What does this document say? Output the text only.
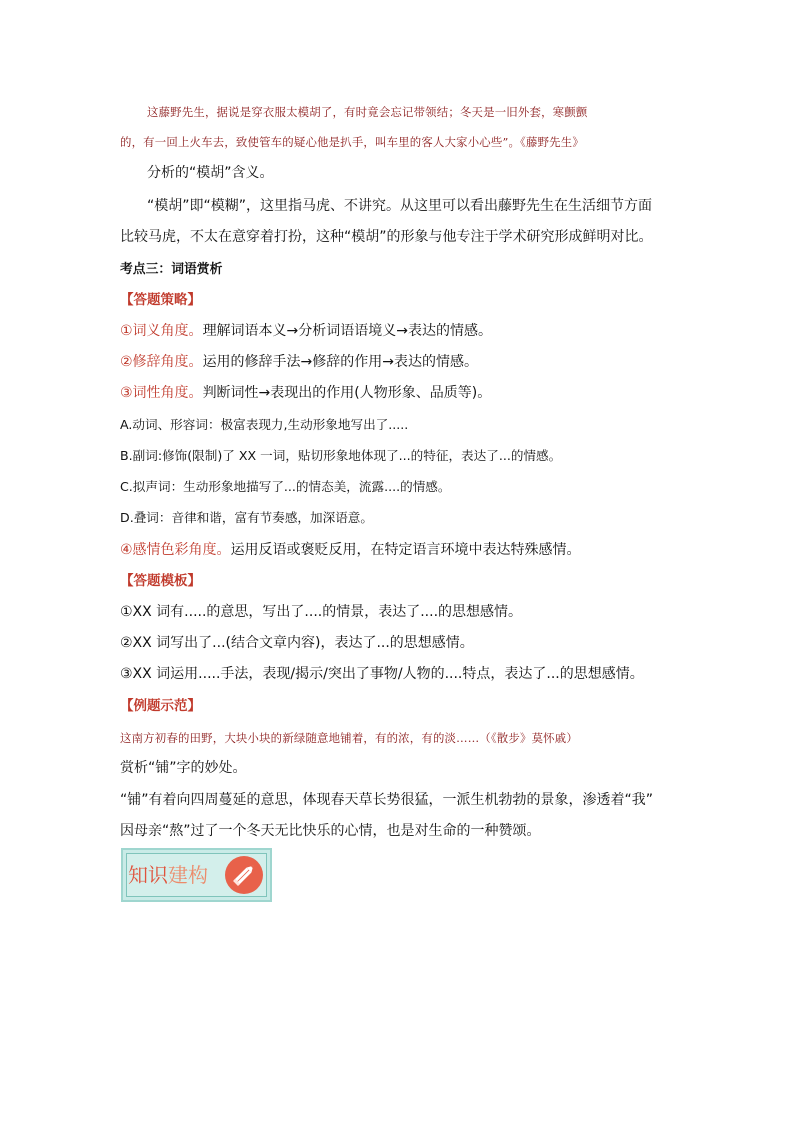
这藤野先生，据说是穿衣服太模胡了，有时竟会忘记带领结；冬天是一旧外套，寒颤颤
的，有一回上火车去，致使管车的疑心他是扒手，叫车里的客人大家小心些”。《藤野先生》
分析的“模胡”含义。
“模胡”即“模糊”，这里指马虎、不讲究。从这里可以看出藤野先生在生活细节方面
比较马虎，不太在意穿着打扮，这种“模胡”的形象与他专注于学术研究形成鲜明对比。
考点三：词语赏析
【答题策略】
①词义角度。理解词语本义→分析词语语境义→表达的情感。
②修辞角度。运用的修辞手法→修辞的作用→表达的情感。
③词性角度。判断词性→表现出的作用(人物形象、品质等)。
A.动词、形容词：极富表现力,生动形象地写出了.....
B.副词:修饰(限制)了 XX 一词，贴切形象地体现了...的特征，表达了...的情感。
C.拟声词：生动形象地描写了...的情态美，流露....的情感。
D.叠词：音律和谐，富有节奏感，加深语意。
④感情色彩角度。运用反语或褒贬反用，在特定语言环境中表达特殊感情。
【答题模板】
①XX 词有.....的意思，写出了....的情景，表达了....的思想感情。
②XX 词写出了...(结合文章内容)，表达了...的思想感情。
③XX 词运用.....手法，表现/揭示/突出了事物/人物的....特点，表达了...的思想感情。
【例题示范】
这南方初春的田野，大块小块的新绿随意地铺着，有的浓，有的淡……（《散步》莫怀戚）
赏析“铺”字的妙处。
“铺”有着向四周蔓延的意思，体现春天草长势很猛，一派生机勃勃的景象，渗透着“我”
因母亲“熬”过了一个冬天无比快乐的心情，也是对生命的一种赞颂。
知识建构
